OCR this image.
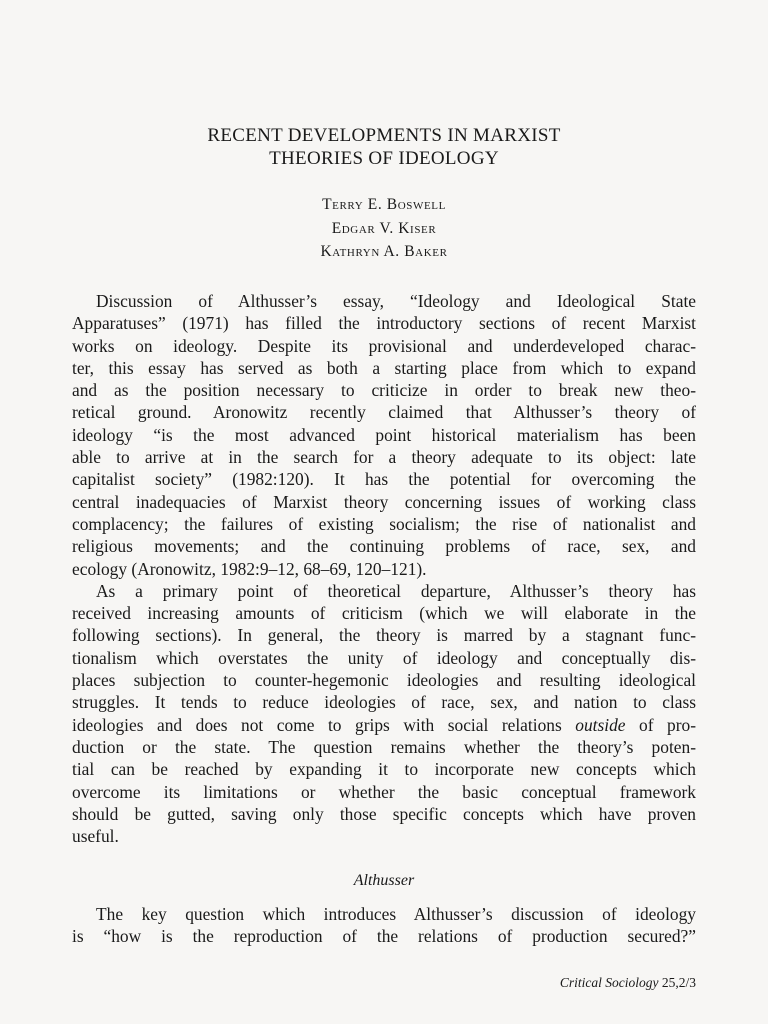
RECENT DEVELOPMENTS IN MARXIST
THEORIES OF IDEOLOGY
Terry E. Boswell
Edgar V. Kiser
Kathryn A. Baker
Discussion of Althusser’s essay, “Ideology and Ideological State
Apparatuses” (1971) has filled the introductory sections of recent Marxist
works on ideology. Despite its provisional and underdeveloped charac-
ter, this essay has served as both a starting place from which to expand
and as the position necessary to criticize in order to break new theo-
retical ground. Aronowitz recently claimed that Althusser’s theory of
ideology “is the most advanced point historical materialism has been
able to arrive at in the search for a theory adequate to its object: late
capitalist society” (1982:120). It has the potential for overcoming the
central inadequacies of Marxist theory concerning issues of working class
complacency; the failures of existing socialism; the rise of nationalist and
religious movements; and the continuing problems of race, sex, and
ecology (Aronowitz, 1982:9–12, 68–69, 120–121).
As a primary point of theoretical departure, Althusser’s theory has
received increasing amounts of criticism (which we will elaborate in the
following sections). In general, the theory is marred by a stagnant func-
tionalism which overstates the unity of ideology and conceptually dis-
places subjection to counter-hegemonic ideologies and resulting ideological
struggles. It tends to reduce ideologies of race, sex, and nation to class
ideologies and does not come to grips with social relations outside of pro-
duction or the state. The question remains whether the theory’s poten-
tial can be reached by expanding it to incorporate new concepts which
overcome its limitations or whether the basic conceptual framework
should be gutted, saving only those specific concepts which have proven
useful.
Althusser
The key question which introduces Althusser’s discussion of ideology
is “how is the reproduction of the relations of production secured?”
Critical Sociology 25,2/3
